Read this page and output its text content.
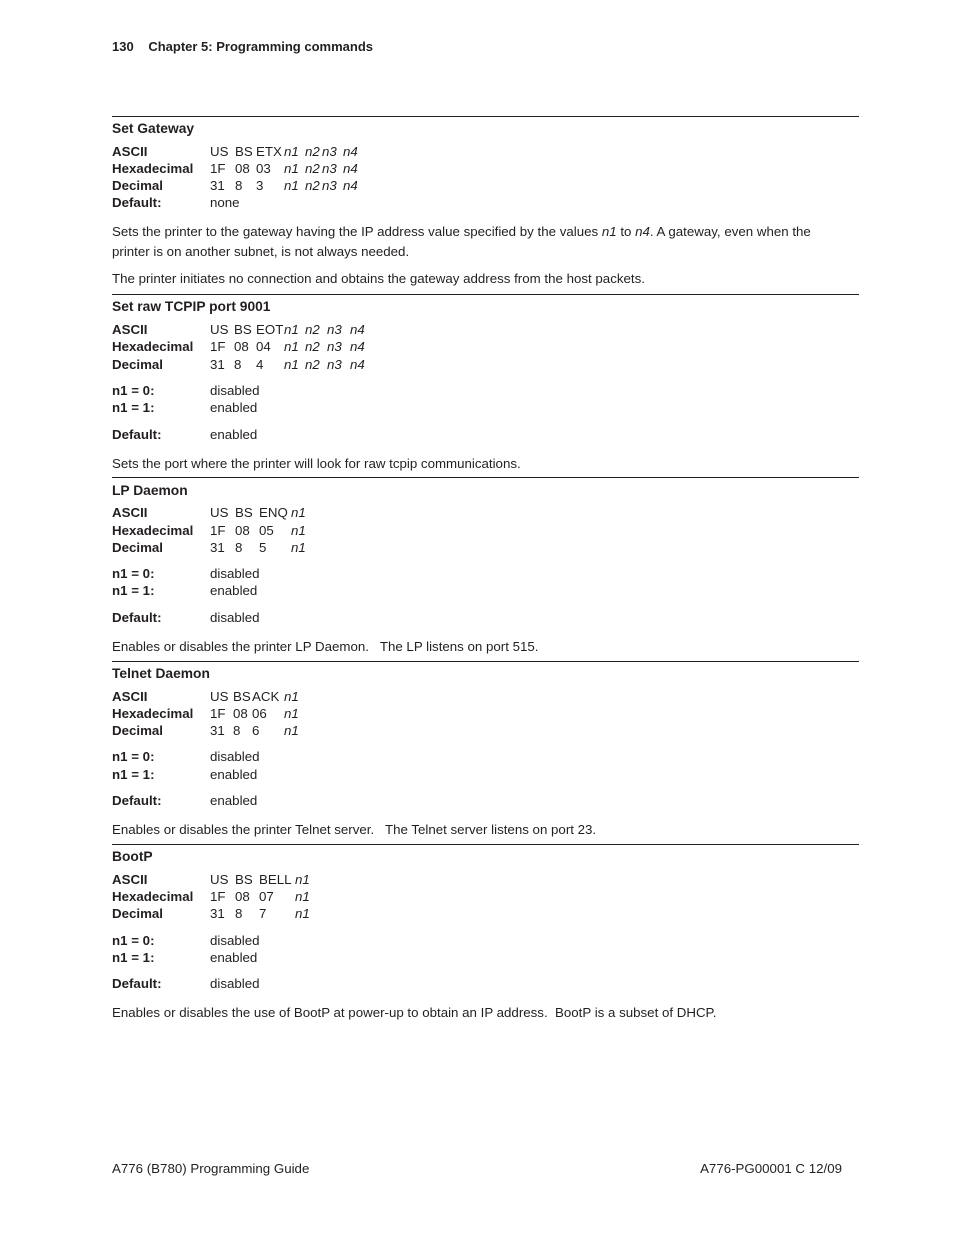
130 Chapter 5: Programming commands
Set Gateway
ASCII	US BS ETX n1 n2 n3 n4
Hexadecimal 1F 08 03 n1 n2 n3 n4
Decimal	31 8 3 n1 n2 n3 n4
Default:	none
Sets the printer to the gateway having the IP address value specified by the values n1 to n4. A gateway, even when the printer is on another subnet, is not always needed.
The printer initiates no connection and obtains the gateway address from the host packets.
Set raw TCPIP port 9001
ASCII	US BS EOT n1 n2 n3 n4
Hexadecimal 1F 08 04 n1 n2 n3 n4
Decimal	31 8 4 n1 n2 n3 n4
n1 = 0:	disabled
n1 = 1:	enabled
Default:	enabled
Sets the port where the printer will look for raw tcpip communications.
LP Daemon
ASCII	US BS ENQ n1
Hexadecimal 1F 08 05 n1
Decimal	31 8 5 n1
n1 = 0:	disabled
n1 = 1:	enabled
Default:	disabled
Enables or disables the printer LP Daemon.   The LP listens on port 515.
Telnet Daemon
ASCII	US BS ACK n1
Hexadecimal 1F 08 06 n1
Decimal	31 8 6 n1
n1 = 0:	disabled
n1 = 1:	enabled
Default:	enabled
Enables or disables the printer Telnet server.   The Telnet server listens on port 23.
BootP
ASCII	US BS BELL n1
Hexadecimal 1F 08 07 n1
Decimal	31 8 7 n1
n1 = 0:	disabled
n1 = 1:	enabled
Default:	disabled
Enables or disables the use of BootP at power-up to obtain an IP address.  BootP is a subset of DHCP.
A776 (B780) Programming Guide	A776-PG00001 C 12/09
